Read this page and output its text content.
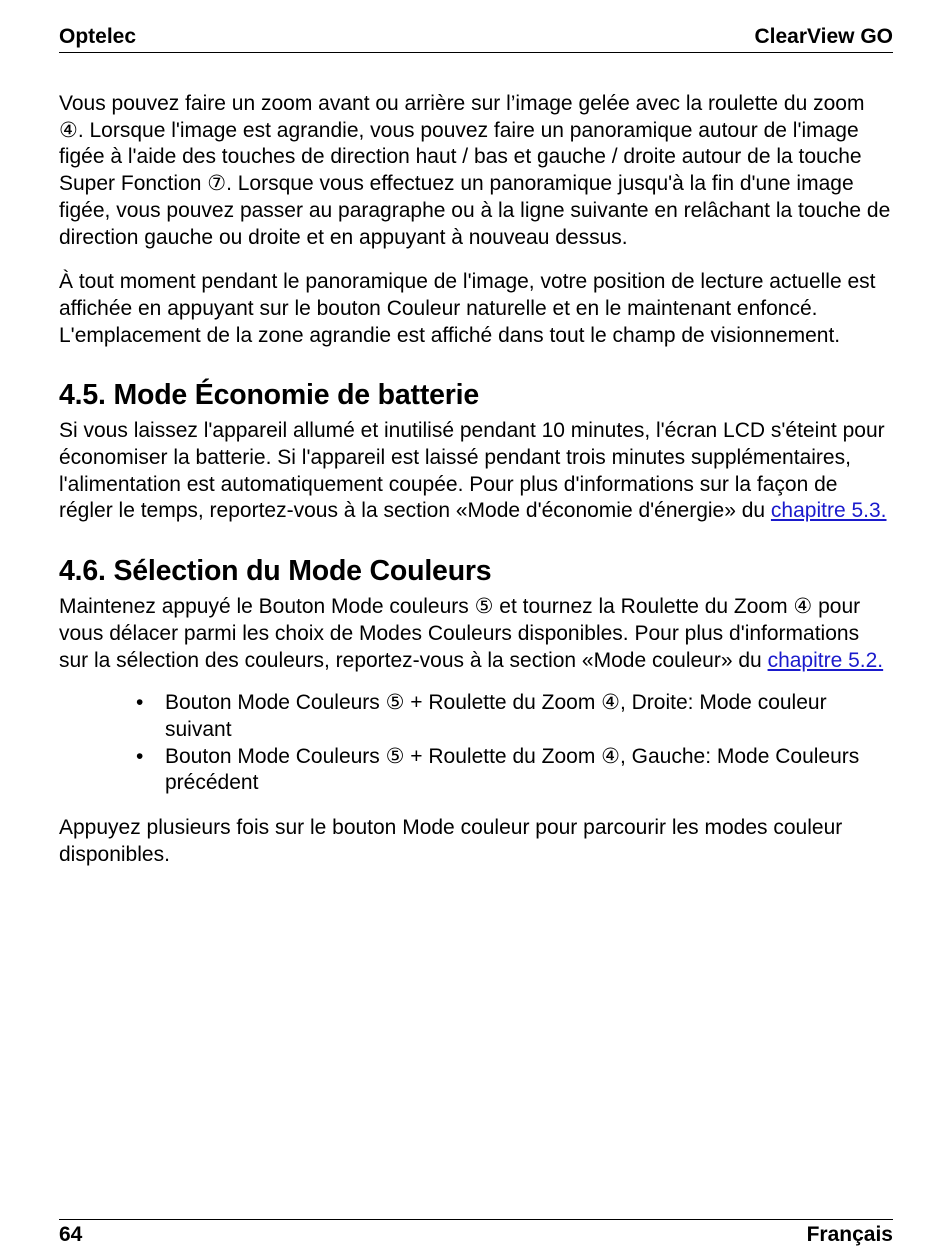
Optelec	ClearView GO

Vous pouvez faire un zoom avant ou arrière sur l’image gelée avec la roulette du zoom ④. Lorsque l'image est agrandie, vous pouvez faire un panoramique autour de l'image figée à l'aide des touches de direction haut / bas et gauche / droite autour de la touche Super Fonction ⑦. Lorsque vous effectuez un panoramique jusqu'à la fin d'une image figée, vous pouvez passer au paragraphe ou à la ligne suivante en relâchant la touche de direction gauche ou droite et en appuyant à nouveau dessus.

À tout moment pendant le panoramique de l'image, votre position de lecture actuelle est affichée en appuyant sur le bouton Couleur naturelle et en le maintenant enfoncé. L'emplacement de la zone agrandie est affiché dans tout le champ de visionnement.

4.5. Mode Économie de batterie

Si vous laissez l'appareil allumé et inutilisé pendant 10 minutes, l'écran LCD s'éteint pour économiser la batterie. Si l'appareil est laissé pendant trois minutes supplémentaires, l'alimentation est automatiquement coupée. Pour plus d'informations sur la façon de régler le temps, reportez-vous à la section «Mode d'économie d'énergie» du chapitre 5.3.

4.6. Sélection du Mode Couleurs

Maintenez appuyé le Bouton Mode couleurs ⑤ et tournez la Roulette du Zoom ④ pour vous délacer parmi les choix de Modes Couleurs disponibles. Pour plus d'informations sur la sélection des couleurs, reportez-vous à la section «Mode couleur» du chapitre 5.2.

• Bouton Mode Couleurs ⑤ + Roulette du Zoom ④, Droite: Mode couleur suivant
• Bouton Mode Couleurs ⑤ + Roulette du Zoom ④, Gauche: Mode Couleurs précédent

Appuyez plusieurs fois sur le bouton Mode couleur pour parcourir les modes couleur disponibles.

64	Français
